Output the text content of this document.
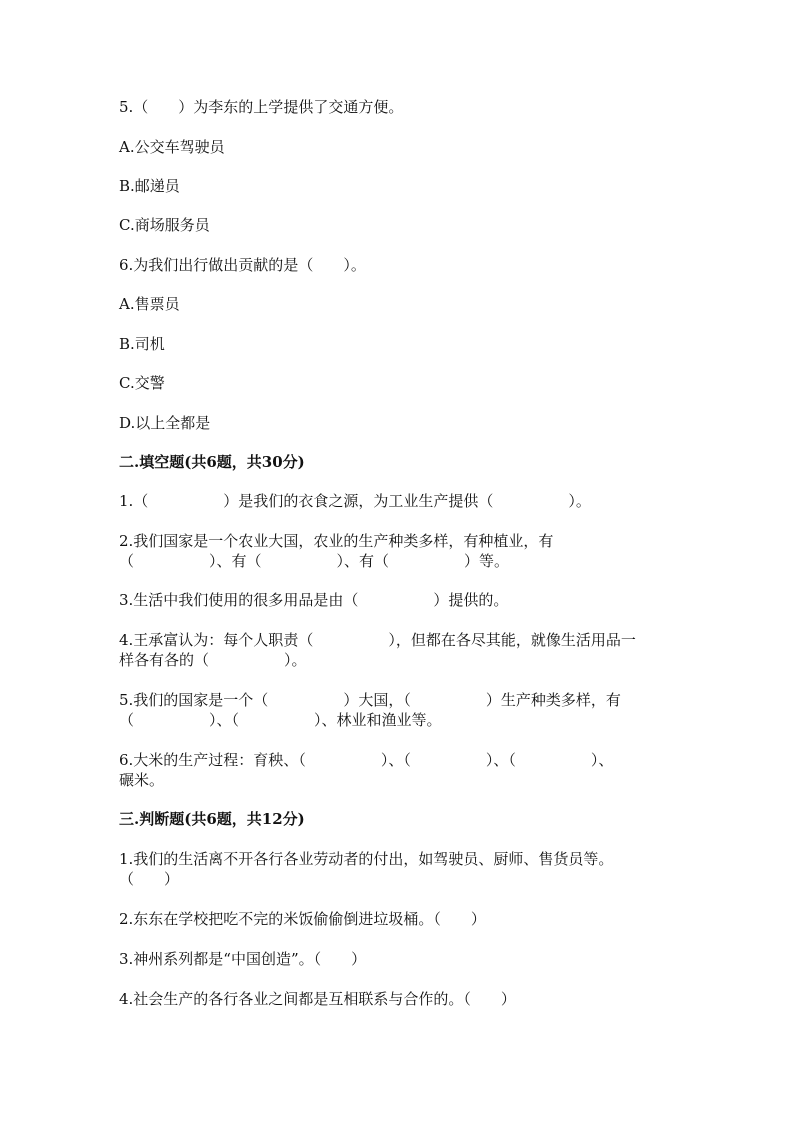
5.（　　）为李东的上学提供了交通方便。
A.公交车驾驶员
B.邮递员
C.商场服务员
6.为我们出行做出贡献的是（　　）。
A.售票员
B.司机
C.交警
D.以上全都是
二.填空题(共6题，共30分)
1.（　　　　　）是我们的衣食之源，为工业生产提供（　　　　　）。
2.我们国家是一个农业大国，农业的生产种类多样，有种植业，有
（　　　　　）、有（　　　　　）、有（　　　　　）等。
3.生活中我们使用的很多用品是由（　　　　　）提供的。
4.王承富认为：每个人职责（　　　　　），但都在各尽其能，就像生活用品一
样各有各的（　　　　　）。
5.我们的国家是一个（　　　　　）大国，（　　　　　）生产种类多样，有
（　　　　　）、（　　　　　）、林业和渔业等。
6.大米的生产过程：育秧、（　　　　　）、（　　　　　）、（　　　　　）、
碾米。
三.判断题(共6题，共12分)
1.我们的生活离不开各行各业劳动者的付出，如驾驶员、厨师、售货员等。
（　　）
2.东东在学校把吃不完的米饭偷偷倒进垃圾桶。（　　）
3.神州系列都是“中国创造”。（　　）
4.社会生产的各行各业之间都是互相联系与合作的。（　　）
